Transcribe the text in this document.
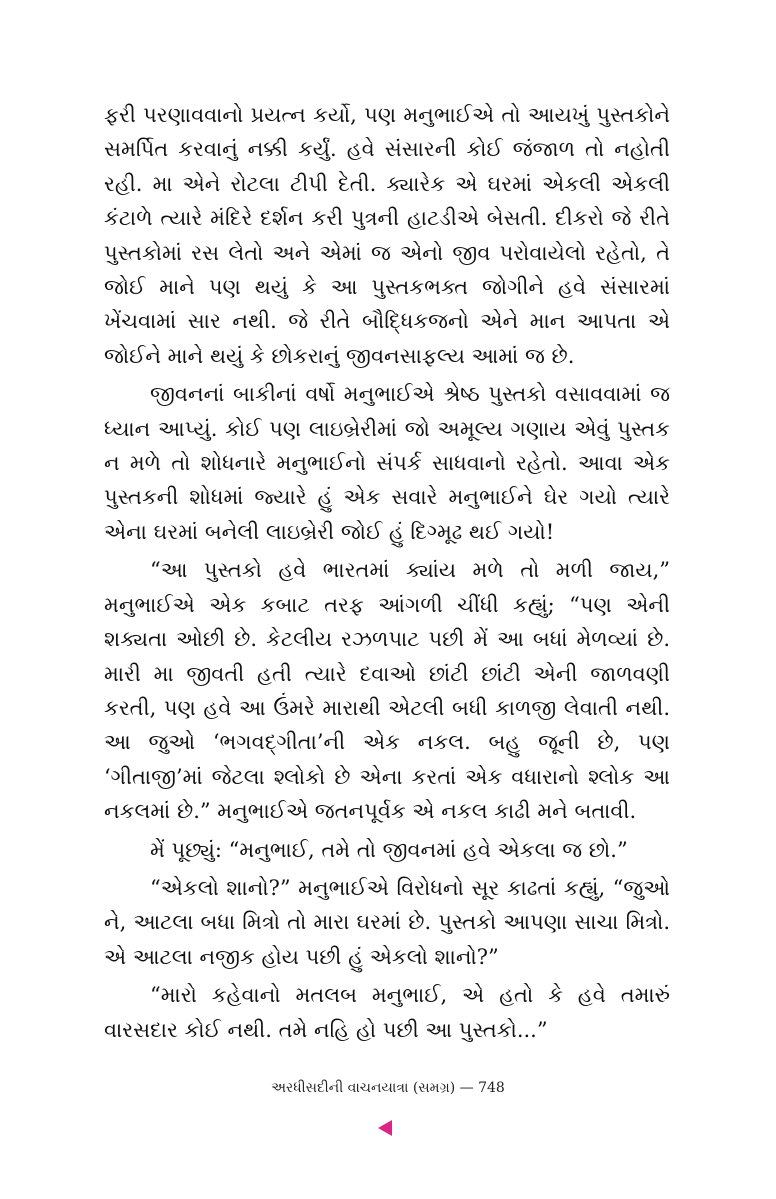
ફરી પરણાવવાનો પ્રયત્ન કર્યો, પણ મનુભાઈએ તો આયખું પુસ્તકોને સમર્પિત કરવાનું નક્કી કર્યું. હવે સંસારની કોઈ જંજાળ તો નહોતી રહી. મા એને રોટલા ટીપી દેતી. ક્યારેક એ ઘરમાં એકલી એકલી કંટાળે ત્યારે મંદિરે દર્શન કરી પુત્રની હાટડીએ બેસતી. દીકરો જે રીતે પુસ્તકોમાં રસ લેતો અને એમાં જ એનો જીવ પરોવાયેલો રહેતો, તે જોઈ માને પણ થયું કે આ પુસ્તકભક્ત જોગીને હવે સંસારમાં ખેંચવામાં સાર નથી. જે રીતે બૌદ્ધિકજનો એને માન આપતા એ જોઈને માને થયું કે છોકરાનું જીવનસાફલ્ય આમાં જ છે.

જીવનનાં બાકીનાં વર્ષો મનુભાઈએ શ્રેષ્ઠ પુસ્તકો વસાવવામાં જ ધ્યાન આપ્યું. કોઈ પણ લાઇબ્રેરીમાં જો અમૂલ્ય ગણાય એવું પુસ્તક ન મળે તો શોધનારે મનુભાઈનો સંપર્ક સાધવાનો રહેતો. આવા એક પુસ્તકની શોધમાં જ્યારે હું એક સવારે મનુભાઈને ઘેર ગયો ત્યારે એના ઘરમાં બનેલી લાઇબ્રેરી જોઈ હું દિગ્મૂઢ થઈ ગયો!

“આ પુસ્તકો હવે ભારતમાં ક્યાંય મળે તો મળી જાય,” મનુભાઈએ એક કબાટ તરફ આંગળી ચીંધી કહ્યું; “પણ એની શક્યતા ઓછી છે. કેટલીય રઝળપાટ પછી મેં આ બધાં મેળવ્યાં છે. મારી મા જીવતી હતી ત્યારે દવાઓ છાંટી છાંટી એની જાળવણી કરતી, પણ હવે આ ઉંમરે મારાથી એટલી બધી કાળજી લેવાતી નથી. આ જુઓ ‘ભગવદ્ગીતા’ની એક નકલ. બહુ જૂની છે, પણ ‘ગીતાજી’માં જેટલા શ્લોકો છે એના કરતાં એક વધારાનો શ્લોક આ નકલમાં છે.” મનુભાઈએ જતનપૂર્વક એ નકલ કાઢી મને બતાવી.

મેં પૂછ્યું: “મનુભાઈ, તમે તો જીવનમાં હવે એકલા જ છો.”

“એકલો શાનો?” મનુભાઈએ વિરોધનો સૂર કાઢતાં કહ્યું, “જુઓ ને, આટલા બધા મિત્રો તો મારા ઘરમાં છે. પુસ્તકો આપણા સાચા મિત્રો. એ આટલા નજીક હોય પછી હું એકલો શાનો?”

“મારો કહેવાનો મતલબ મનુભાઈ, એ હતો કે હવે તમારું વારસદાર કોઈ નથી. તમે નહિ હો પછી આ પુસ્તકો...”

અરધીસદીની વાચનયાત્રા (સમગ્ર) — 748
